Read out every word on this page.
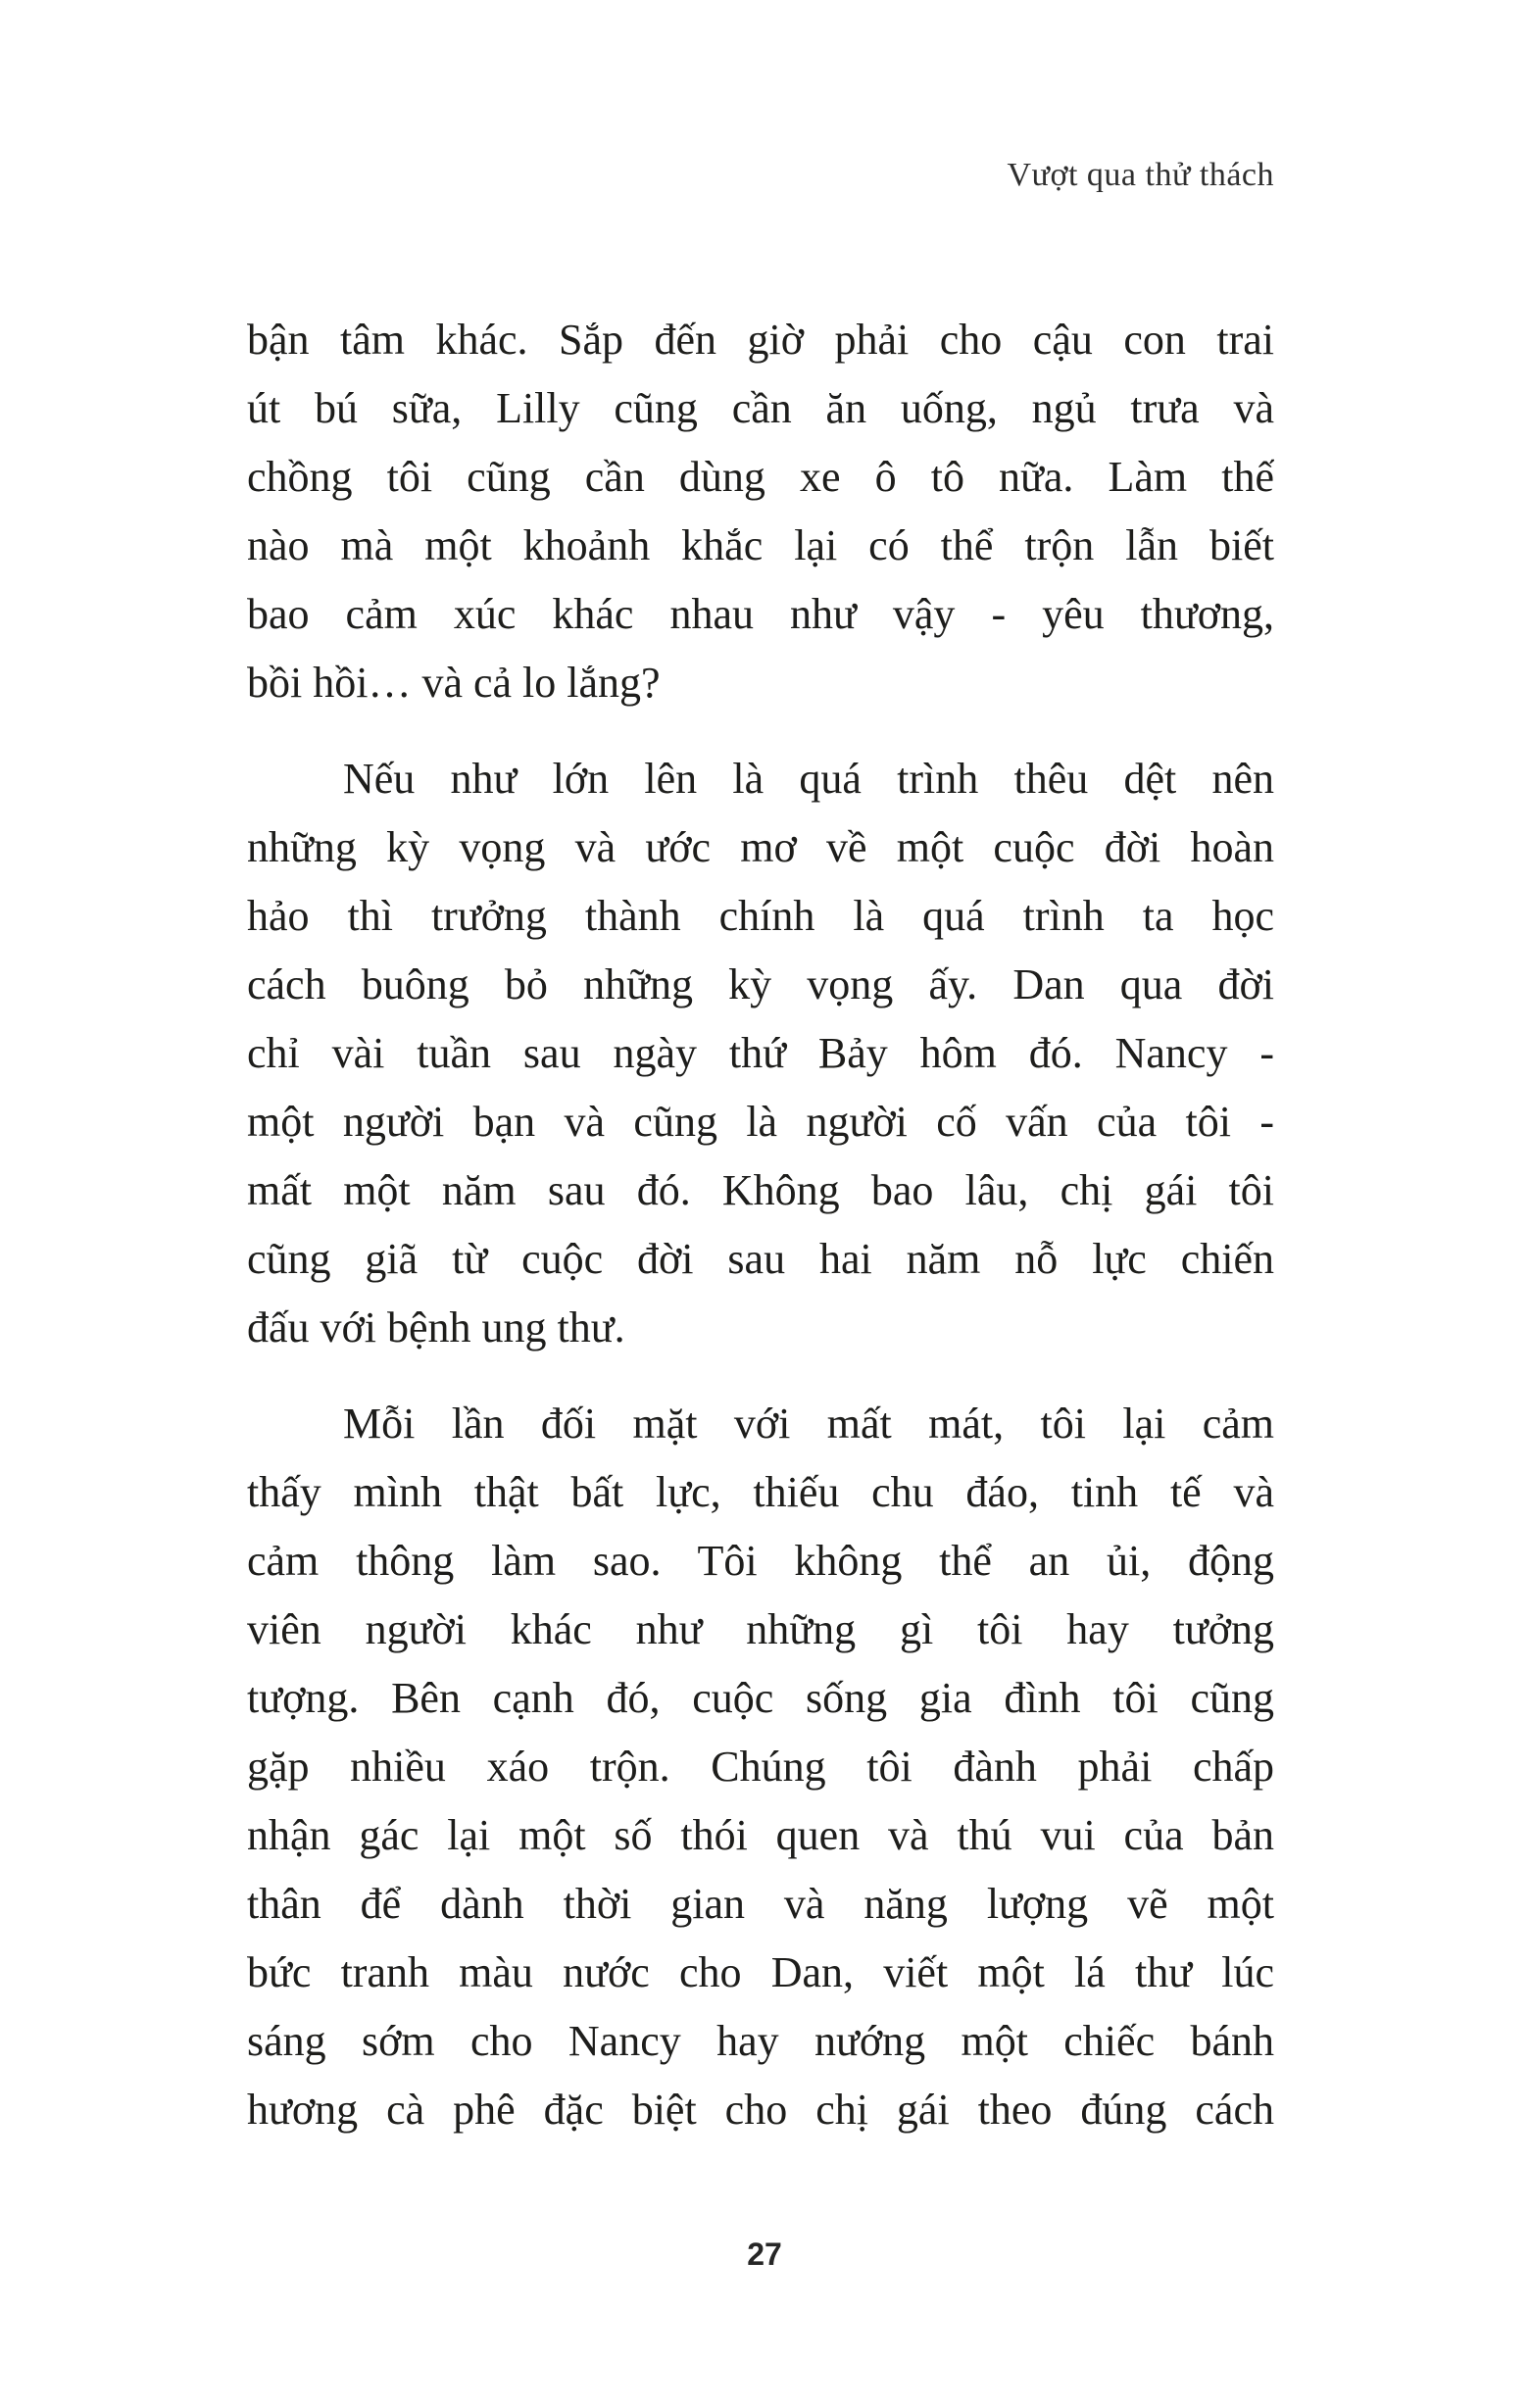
Vượt qua thử thách
bận tâm khác. Sắp đến giờ phải cho cậu con trai
út bú sữa, Lilly cũng cần ăn uống, ngủ trưa và
chồng tôi cũng cần dùng xe ô tô nữa. Làm thế
nào mà một khoảnh khắc lại có thể trộn lẫn biết
bao cảm xúc khác nhau như vậy - yêu thương,
bồi hồi… và cả lo lắng?
Nếu như lớn lên là quá trình thêu dệt nên
những kỳ vọng và ước mơ về một cuộc đời hoàn
hảo thì trưởng thành chính là quá trình ta học
cách buông bỏ những kỳ vọng ấy. Dan qua đời
chỉ vài tuần sau ngày thứ Bảy hôm đó. Nancy -
một người bạn và cũng là người cố vấn của tôi -
mất một năm sau đó. Không bao lâu, chị gái tôi
cũng giã từ cuộc đời sau hai năm nỗ lực chiến
đấu với bệnh ung thư.
Mỗi lần đối mặt với mất mát, tôi lại cảm
thấy mình thật bất lực, thiếu chu đáo, tinh tế và
cảm thông làm sao. Tôi không thể an ủi, động
viên người khác như những gì tôi hay tưởng
tượng. Bên cạnh đó, cuộc sống gia đình tôi cũng
gặp nhiều xáo trộn. Chúng tôi đành phải chấp
nhận gác lại một số thói quen và thú vui của bản
thân để dành thời gian và năng lượng vẽ một
bức tranh màu nước cho Dan, viết một lá thư lúc
sáng sớm cho Nancy hay nướng một chiếc bánh
hương cà phê đặc biệt cho chị gái theo đúng cách
27
